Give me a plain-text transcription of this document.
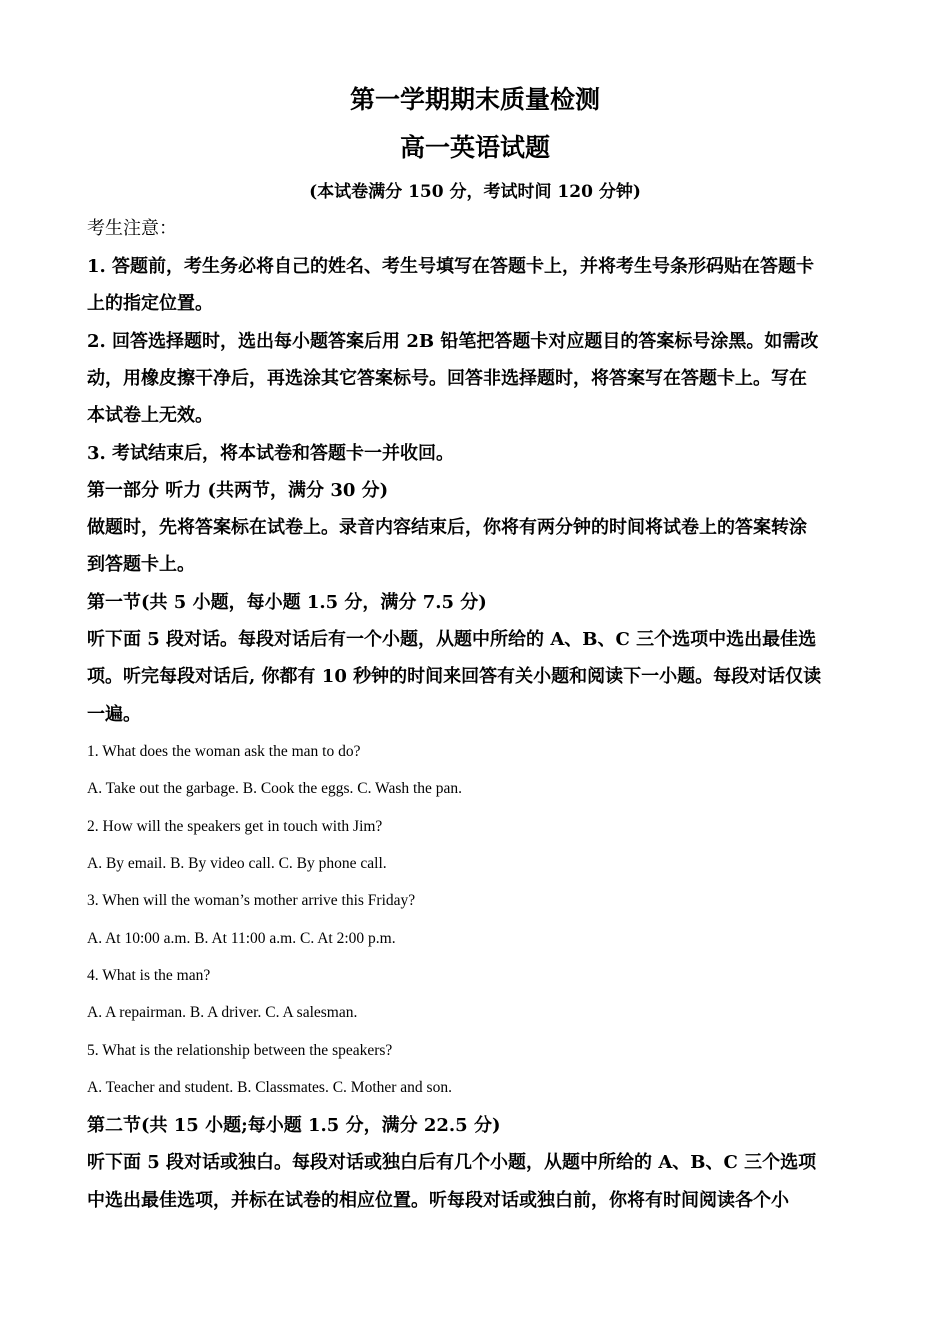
第一学期期末质量检测
高一英语试题
(本试卷满分 150 分，考试时间 120 分钟)
考生注意：
1. 答题前，考生务必将自己的姓名、考生号填写在答题卡上，并将考生号条形码贴在答题卡
上的指定位置。
2. 回答选择题时，选出每小题答案后用 2B 铅笔把答题卡对应题目的答案标号涂黑。如需改
动，用橡皮擦干净后，再选涂其它答案标号。回答非选择题时，将答案写在答题卡上。写在
本试卷上无效。
3. 考试结束后，将本试卷和答题卡一并收回。
第一部分 听力 (共两节，满分 30 分)
做题时，先将答案标在试卷上。录音内容结束后，你将有两分钟的时间将试卷上的答案转涂
到答题卡上。
第一节(共 5 小题，每小题 1.5 分，满分 7.5 分)
听下面 5 段对话。每段对话后有一个小题，从题中所给的 A、B、C 三个选项中选出最佳选
项。听完每段对话后, 你都有 10 秒钟的时间来回答有关小题和阅读下一小题。每段对话仅读
一遍。
1. What does the woman ask the man to do?
A. Take out the garbage. B. Cook the eggs. C. Wash the pan.
2. How will the speakers get in touch with Jim?
A. By email. B. By video call. C. By phone call.
3. When will the woman’s mother arrive this Friday?
A. At 10:00 a.m. B. At 11:00 a.m. C. At 2:00 p.m.
4. What is the man?
A. A repairman. B. A driver. C. A salesman.
5. What is the relationship between the speakers?
A. Teacher and student. B. Classmates. C. Mother and son.
第二节(共 15 小题;每小题 1.5 分，满分 22.5 分)
听下面 5 段对话或独白。每段对话或独白后有几个小题，从题中所给的 A、B、C 三个选项
中选出最佳选项，并标在试卷的相应位置。听每段对话或独白前，你将有时间阅读各个小
